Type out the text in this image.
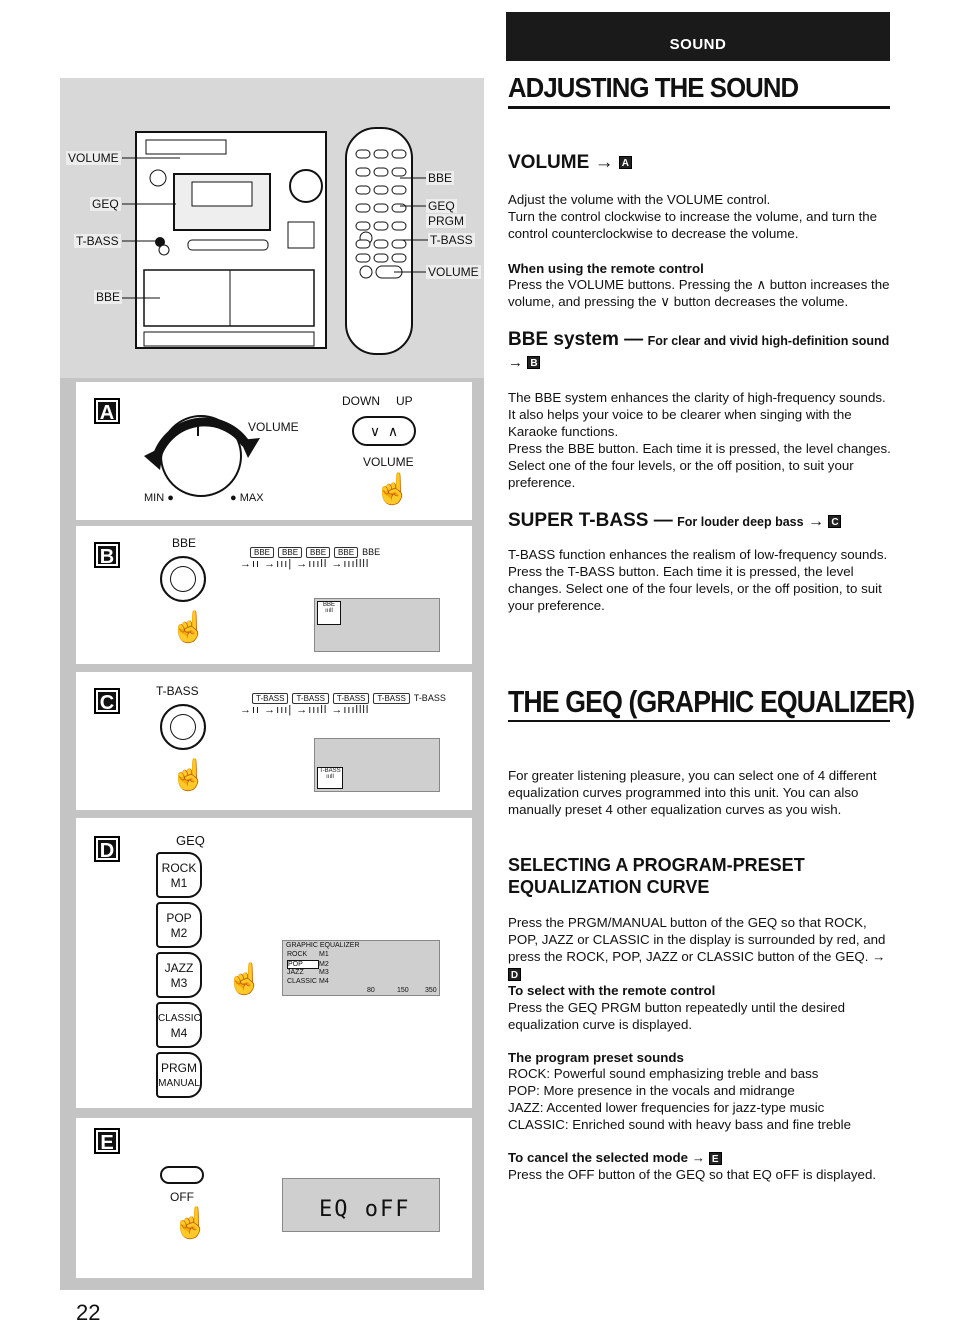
SOUND
ADJUSTING THE SOUND
VOLUME → A
Adjust the volume with the VOLUME control.
Turn the control clockwise to increase the volume, and turn the control counterclockwise to decrease the volume.
When using the remote control
Press the VOLUME buttons. Pressing the ∧ button increases the volume, and pressing the ∨ button decreases the volume.
BBE system — For clear and vivid high-definition sound
→ B
The BBE system enhances the clarity of high-frequency sounds. It also helps your voice to be clearer when singing with the Karaoke functions.
Press the BBE button. Each time it is pressed, the level changes. Select one of the four levels, or the off position, to suit your preference.
SUPER T-BASS — For louder deep bass → C
T-BASS function enhances the realism of low-frequency sounds. Press the T-BASS button. Each time it is pressed, the level changes. Select one of the four levels, or the off position, to suit your preference.
THE GEQ (GRAPHIC EQUALIZER)
For greater listening pleasure, you can select one of 4 different equalization curves programmed into this unit. You can also manually preset 4 other equalization curves as you wish.
SELECTING A PROGRAM-PRESET EQUALIZATION CURVE
Press the PRGM/MANUAL button of the GEQ so that ROCK, POP, JAZZ or CLASSIC in the display is surrounded by red, and press the ROCK, POP, JAZZ or CLASSIC button of the GEQ. → D
To select with the remote control
Press the GEQ PRGM button repeatedly until the desired equalization curve is displayed.
The program preset sounds
ROCK: Powerful sound emphasizing treble and bass
POP: More presence in the vocals and midrange
JAZZ: Accented lower frequencies for jazz-type music
CLASSIC: Enriched sound with heavy bass and fine treble
To cancel the selected mode → E
Press the OFF button of the GEQ so that EQ oFF is displayed.
VOLUME
GEQ
T-BASS
BBE
BBE
GEQ
PRGM
T-BASS
VOLUME
A
VOLUME
MIN ●	● MAX
DOWN UP
∨  ∧
VOLUME
☝
B
BBE
☝
BBE BBE BBE BBE BBE
→ıı →ııı| →ıııll →ıııllll
BBE
ıııll
C
T-BASS
☝
T-BASS T-BASS T-BASS T-BASS T-BASS
→ıı →ııı| →ıııll →ıııllll
T-BASS
ıııll
D	GEQ
ROCK
M1
POP
M2
JAZZ
M3
CLASSIC
M4
PRGM
MANUAL
☝
GRAPHIC EQUALIZER
ROCK M1
POP M2
JAZZ M3
CLASSIC M4
80	150 350
E
OFF
☝	EQ oFF
22
